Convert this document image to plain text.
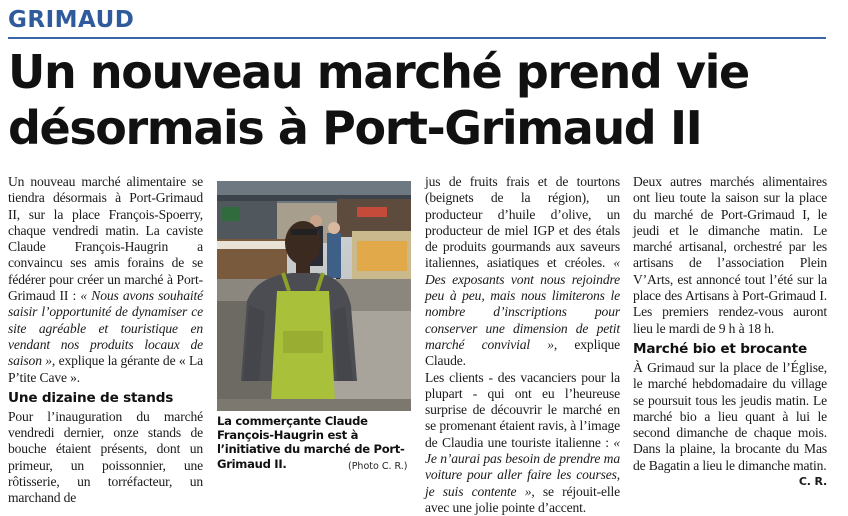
GRIMAUD
Un nouveau marché prend vie
désormais à Port-Grimaud II

Un nouveau marché alimentaire se tiendra désormais à Port-Grimaud II, sur la place François-Spoerry, chaque vendredi matin. La caviste Claude François-Haugrin a convaincu ses amis forains de se fédérer pour créer un marché à Port-Grimaud II : « Nous avons souhaité saisir l’opportunité de dynamiser ce site agréable et touristique en vendant nos produits locaux de saison », explique la gérante de « La P’tite Cave ».

Une dizaine de stands

Pour l’inauguration du marché vendredi dernier, onze stands de bouche étaient présents, dont un primeur, un poissonnier, une rôtisserie, un torréfacteur, un marchand de

La commerçante Claude François-Haugrin est à l’initiative du marché de Port-Grimaud II.	(Photo C. R.)

jus de fruits frais et de tourtons (beignets de la région), un producteur d’huile d’olive, un producteur de miel IGP et des étals de produits gourmands aux saveurs italiennes, asiatiques et créoles. « Des exposants vont nous rejoindre peu à peu, mais nous limiterons le nombre d’inscriptions pour conserver une dimension de petit marché convivial », explique Claude.

Les clients - des vacanciers pour la plupart - qui ont eu l’heureuse surprise de découvrir le marché en se promenant étaient ravis, à l’image de Claudia une touriste italienne : « Je n’aurai pas besoin de prendre ma voiture pour aller faire les courses, je suis contente », se réjouit-elle avec une jolie pointe d’accent.

Deux autres marchés alimentaires ont lieu toute la saison sur la place du marché de Port-Grimaud I, le jeudi et le dimanche matin. Le marché artisanal, orchestré par les artisans de l’association Plein V’Arts, est annoncé tout l’été sur la place des Artisans à Port-Grimaud I. Les premiers rendez-vous auront lieu le mardi de 9 h à 18 h.

Marché bio et brocante

À Grimaud sur la place de l’Église, le marché hebdomadaire du village se poursuit tous les jeudis matin. Le marché bio a lieu quant à lui le second dimanche de chaque mois. Dans la plaine, la brocante du Mas de Bagatin a lieu le dimanche matin.

C. R.
